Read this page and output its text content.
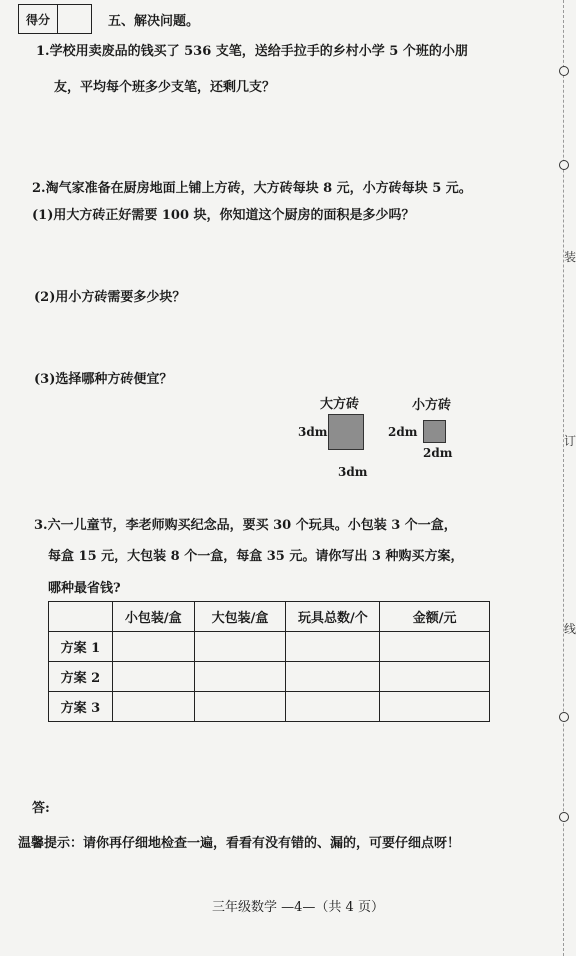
得分	五、解决问题。
1.学校用卖废品的钱买了 536 支笔，送给手拉手的乡村小学 5 个班的小朋
友，平均每个班多少支笔，还剩几支？
2.淘气家准备在厨房地面上铺上方砖，大方砖每块 8 元，小方砖每块 5 元。
(1)用大方砖正好需要 100 块，你知道这个厨房的面积是多少吗？
(2)用小方砖需要多少块？
(3)选择哪种方砖便宜？
大方砖	小方砖
3dm	2dm
2dm
3dm
3.六一儿童节，李老师购买纪念品，要买 30 个玩具。小包装 3 个一盒，
每盒 15 元，大包装 8 个一盒，每盒 35 元。请你写出 3 种购买方案，
哪种最省钱?
	小包装/盒	大包装/盒	玩具总数/个	金额/元
方案 1				
方案 2				
方案 3				
答:
温馨提示：请你再仔细地检查一遍，看看有没有错的、漏的，可要仔细点呀！
三年级数学 —4—（共 4 页）
装
订
线
